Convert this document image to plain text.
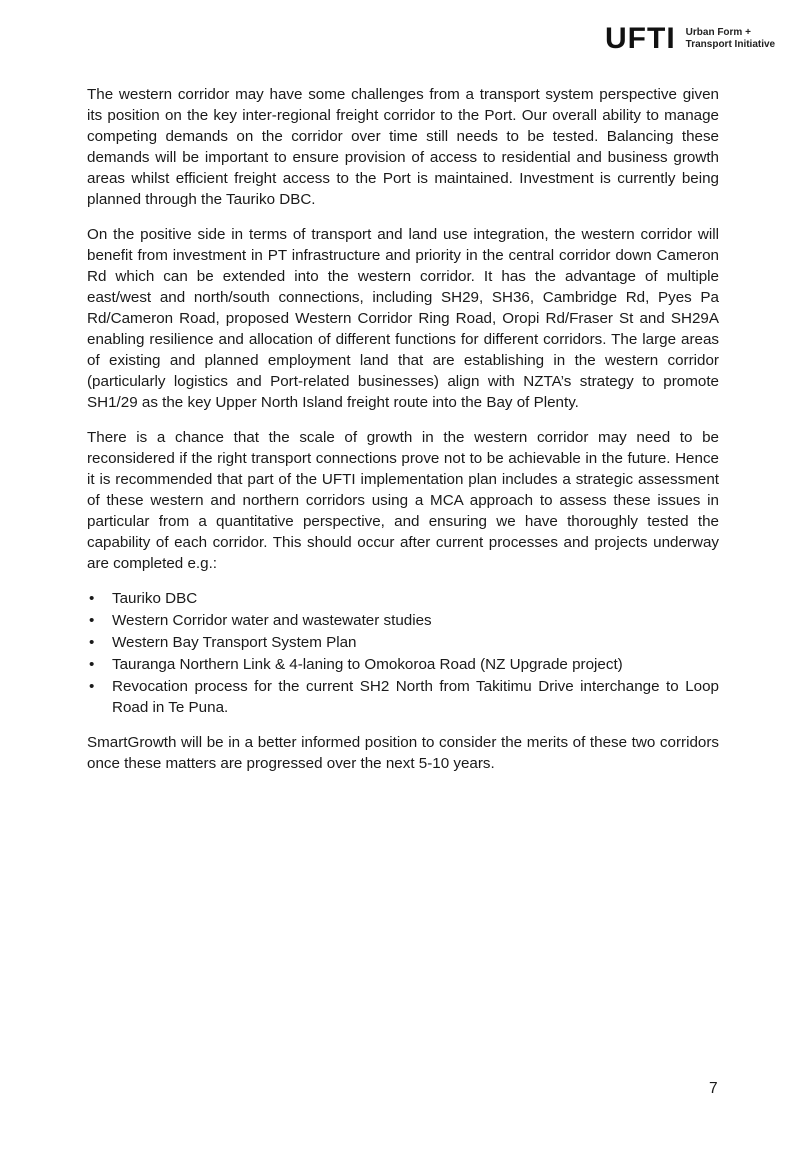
UFTI Urban Form +
Transport Initiative

The western corridor may have some challenges from a transport system perspective given its position on the key inter-regional freight corridor to the Port. Our overall ability to manage competing demands on the corridor over time still needs to be tested. Balancing these demands will be important to ensure provision of access to residential and business growth areas whilst efficient freight access to the Port is maintained. Investment is currently being planned through the Tauriko DBC.

On the positive side in terms of transport and land use integration, the western corridor will benefit from investment in PT infrastructure and priority in the central corridor down Cameron Rd which can be extended into the western corridor. It has the advantage of multiple east/west and north/south connections, including SH29, SH36, Cambridge Rd, Pyes Pa Rd/Cameron Road, proposed Western Corridor Ring Road, Oropi Rd/Fraser St and SH29A enabling resilience and allocation of different functions for different corridors. The large areas of existing and planned employment land that are establishing in the western corridor (particularly logistics and Port-related businesses) align with NZTA’s strategy to promote SH1/29 as the key Upper North Island freight route into the Bay of Plenty.

There is a chance that the scale of growth in the western corridor may need to be reconsidered if the right transport connections prove not to be achievable in the future. Hence it is recommended that part of the UFTI implementation plan includes a strategic assessment of these western and northern corridors using a MCA approach to assess these issues in particular from a quantitative perspective, and ensuring we have thoroughly tested the capability of each corridor. This should occur after current processes and projects underway are completed e.g.:

• Tauriko DBC
• Western Corridor water and wastewater studies
• Western Bay Transport System Plan
• Tauranga Northern Link & 4-laning to Omokoroa Road (NZ Upgrade project)
• Revocation process for the current SH2 North from Takitimu Drive interchange to Loop Road in Te Puna.

SmartGrowth will be in a better informed position to consider the merits of these two corridors once these matters are progressed over the next 5-10 years.

7
